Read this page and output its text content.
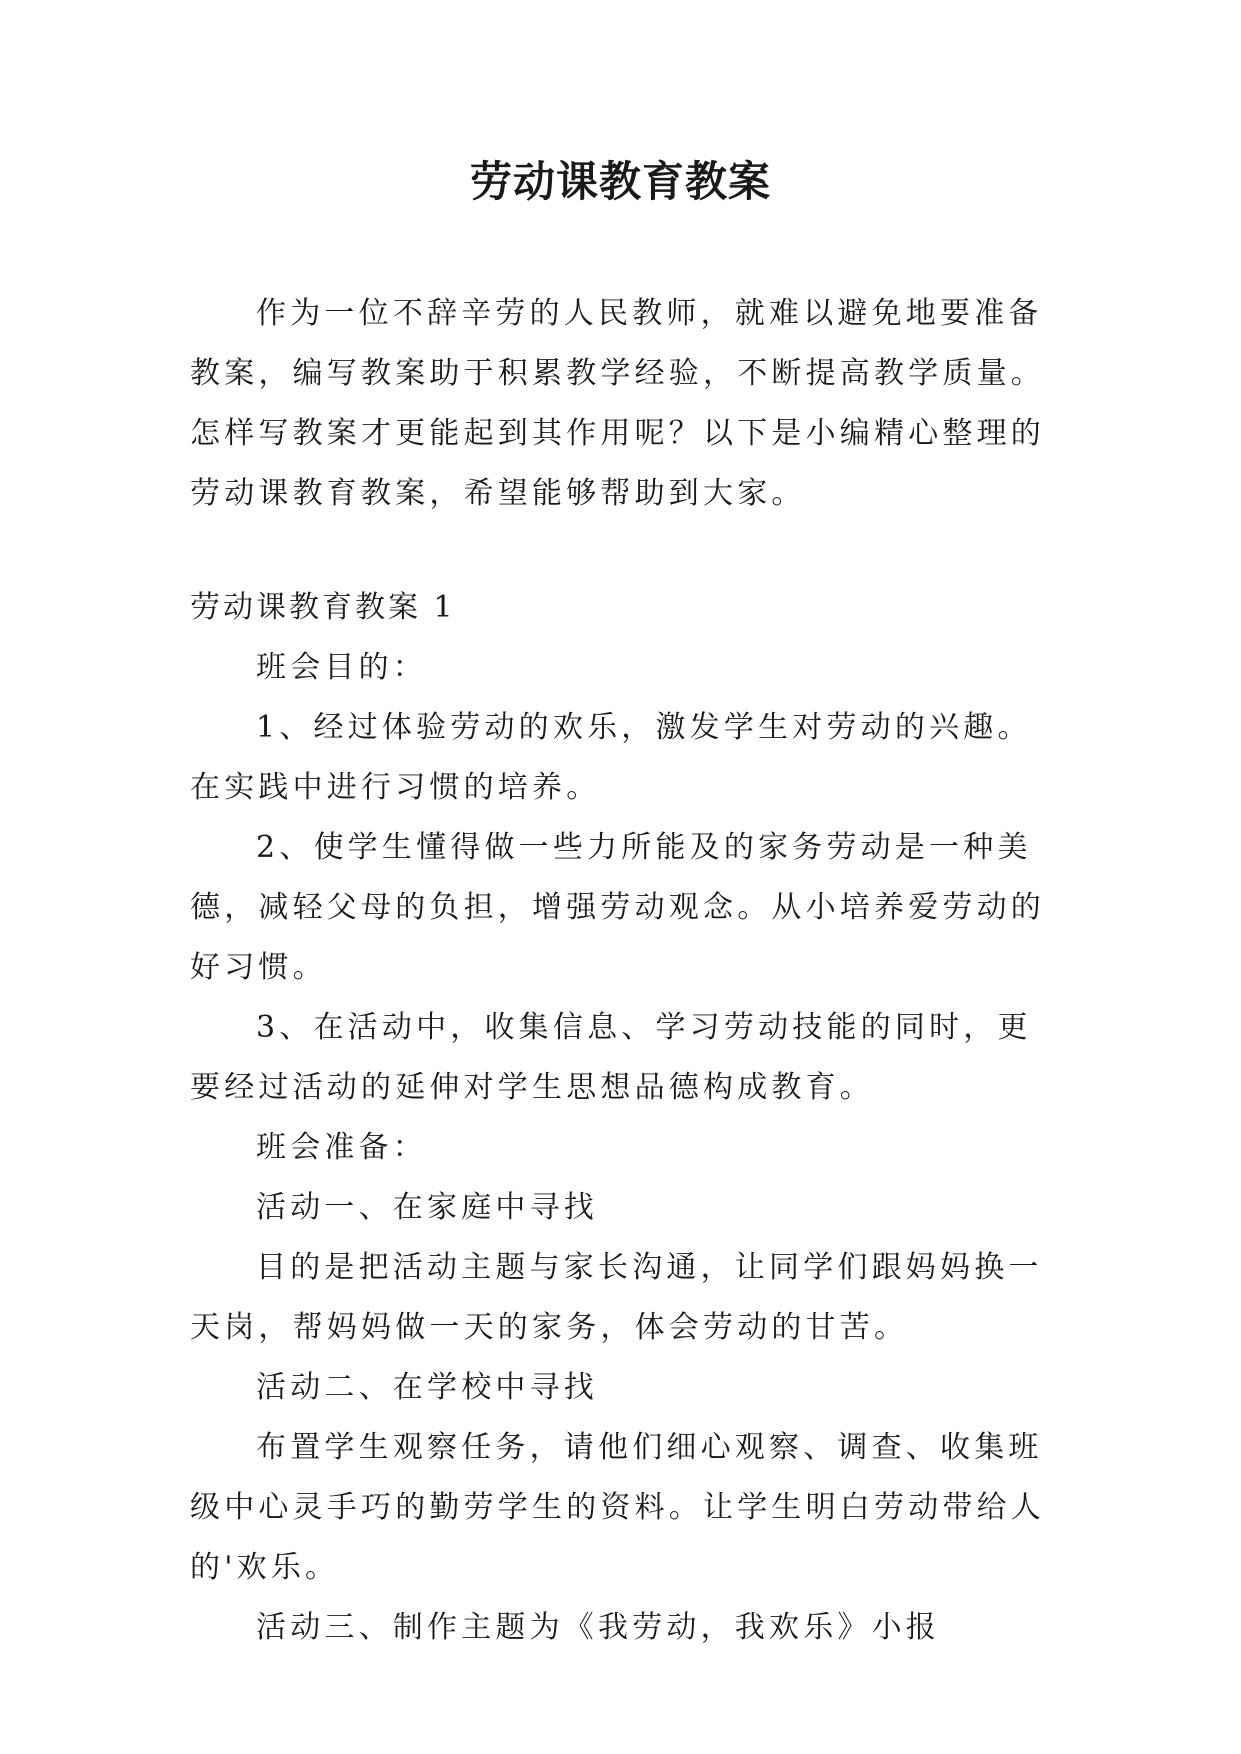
劳动课教育教案

作为一位不辞辛劳的人民教师，就难以避免地要准备教案，编写教案助于积累教学经验，不断提高教学质量。怎样写教案才更能起到其作用呢？以下是小编精心整理的劳动课教育教案，希望能够帮助到大家。

劳动课教育教案 1

班会目的：

1、经过体验劳动的欢乐，激发学生对劳动的兴趣。在实践中进行习惯的培养。

2、使学生懂得做一些力所能及的家务劳动是一种美德，减轻父母的负担，增强劳动观念。从小培养爱劳动的好习惯。

3、在活动中，收集信息、学习劳动技能的同时，更要经过活动的延伸对学生思想品德构成教育。

班会准备：

活动一、在家庭中寻找

目的是把活动主题与家长沟通，让同学们跟妈妈换一天岗，帮妈妈做一天的家务，体会劳动的甘苦。

活动二、在学校中寻找

布置学生观察任务，请他们细心观察、调查、收集班级中心灵手巧的勤劳学生的资料。让学生明白劳动带给人的'欢乐。

活动三、制作主题为《我劳动，我欢乐》小报
